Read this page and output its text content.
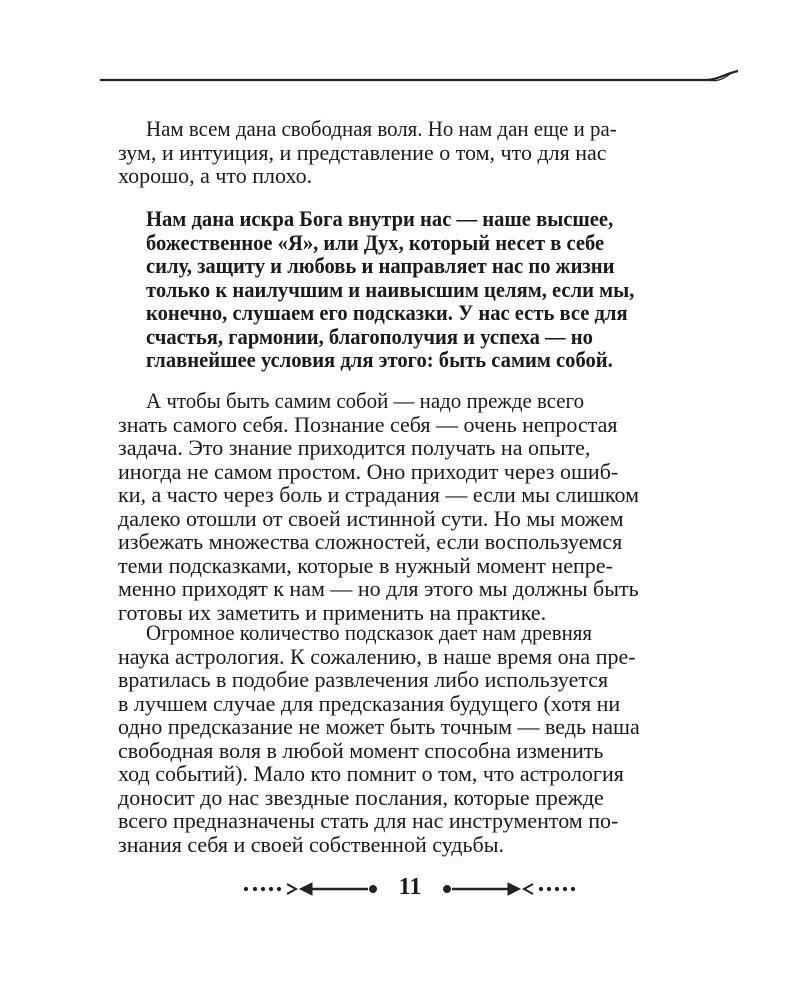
Нам всем дана свободная воля. Но нам дан еще и ра-
зум, и интуиция, и представление о том, что для нас
хорошо, а что плохо.
Нам дана искра Бога внутри нас — наше высшее,
божественное «Я», или Дух, который несет в себе
силу, защиту и любовь и направляет нас по жизни
только к наилучшим и наивысшим целям, если мы,
конечно, слушаем его подсказки. У нас есть все для
счастья, гармонии, благополучия и успеха — но
главнейшее условия для этого: быть самим собой.
А чтобы быть самим собой — надо прежде всего
знать самого себя. Познание себя — очень непростая
задача. Это знание приходится получать на опыте,
иногда не самом простом. Оно приходит через ошиб-
ки, а часто через боль и страдания — если мы слишком
далеко отошли от своей истинной сути. Но мы можем
избежать множества сложностей, если воспользуемся
теми подсказками, которые в нужный момент непре-
менно приходят к нам — но для этого мы должны быть
готовы их заметить и применить на практике.
Огромное количество подсказок дает нам древняя
наука астрология. К сожалению, в наше время она пре-
вратилась в подобие развлечения либо используется
в лучшем случае для предсказания будущего (хотя ни
одно предсказание не может быть точным — ведь наша
свободная воля в любой момент способна изменить
ход событий). Мало кто помнит о том, что астрология
доносит до нас звездные послания, которые прежде
всего предназначены стать для нас инструментом по-
знания себя и своей собственной судьбы.
11
